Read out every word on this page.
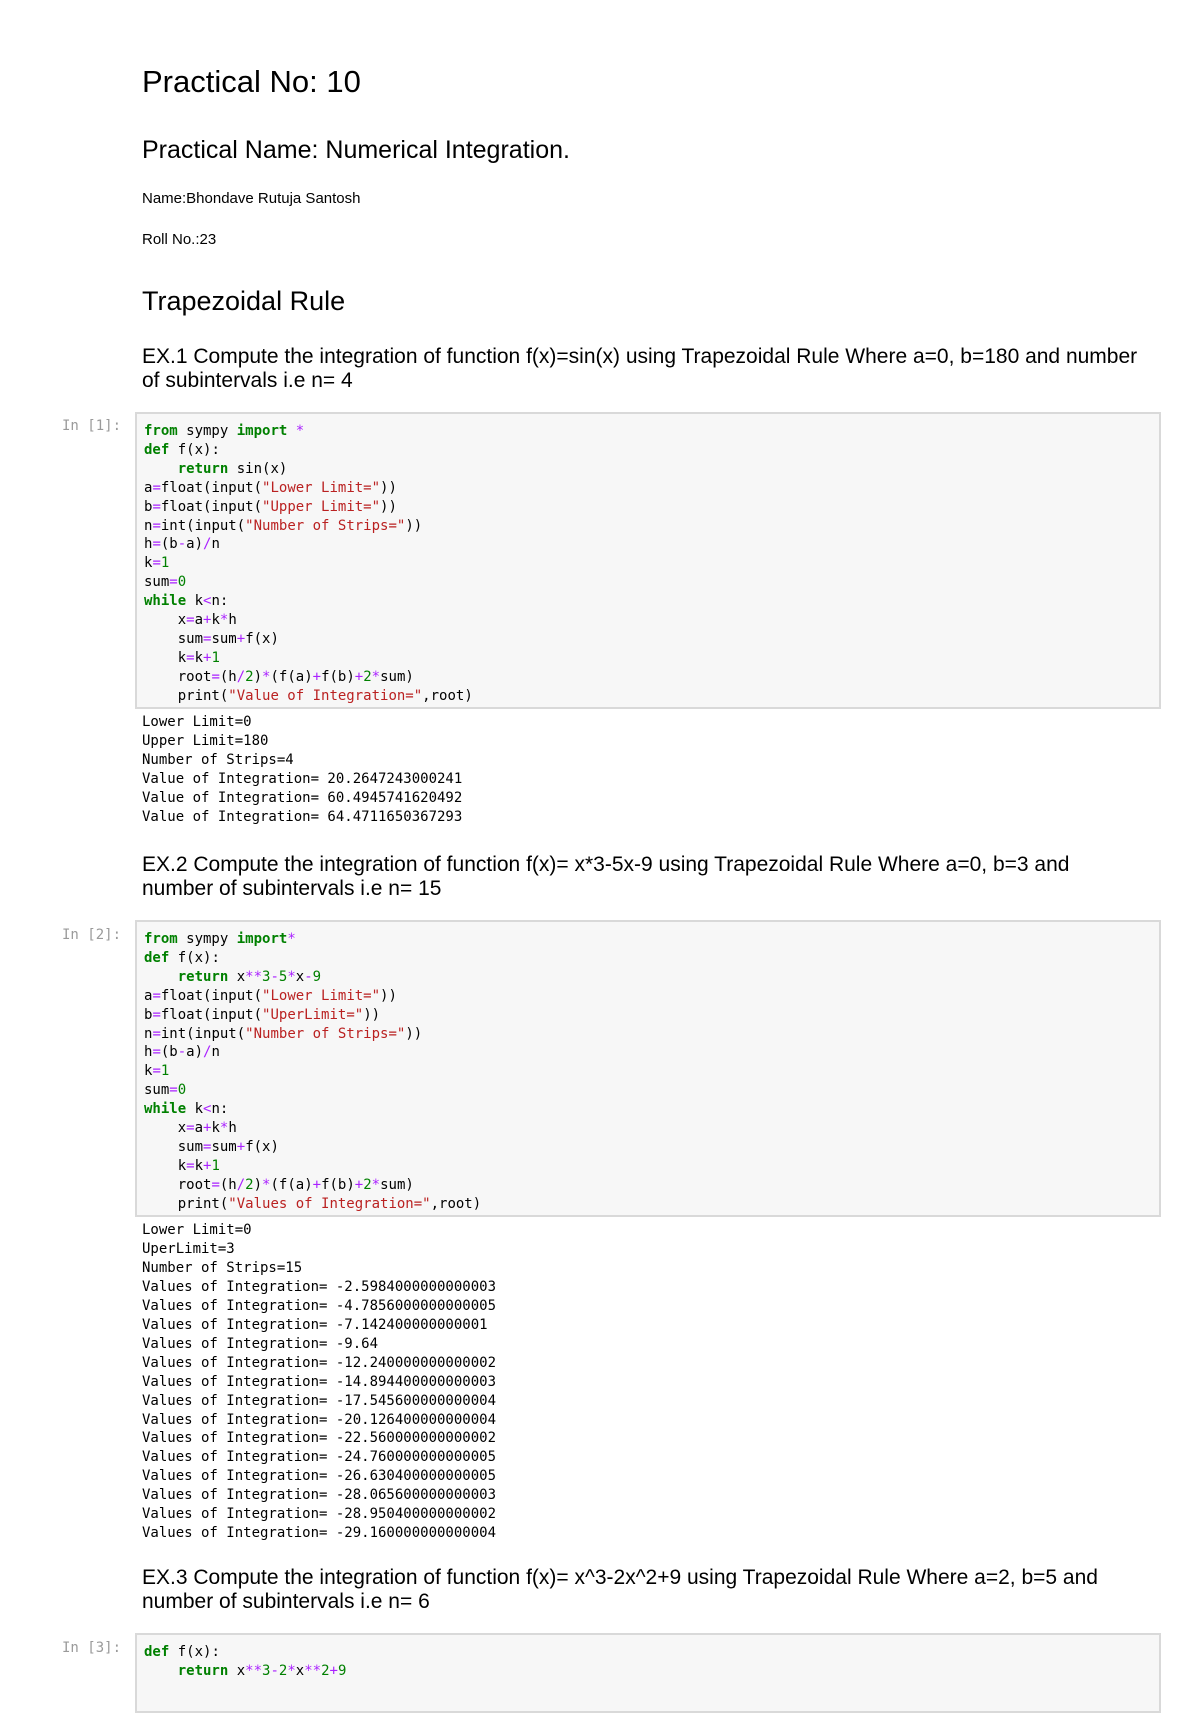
Practical No: 10
Practical Name: Numerical Integration.
Name:Bhondave Rutuja Santosh
Roll No.:23
Trapezoidal Rule
EX.1 Compute the integration of function f(x)=sin(x) using Trapezoidal Rule Where a=0, b=180 and number of subintervals i.e n= 4
In [1]:	from sympy import *
def f(x):
return sin(x)
a=float(input("Lower Limit="))
b=float(input("Upper Limit="))
n=int(input("Number of Strips="))
h=(b-a)/n
k=1
sum=0
while k<n:
x=a+k*h
sum=sum+f(x)
k=k+1
root=(h/2)*(f(a)+f(b)+2*sum)
print("Value of Integration=",root)
Lower Limit=0
Upper Limit=180
Number of Strips=4
Value of Integration= 20.2647243000241
Value of Integration= 60.4945741620492
Value of Integration= 64.4711650367293
EX.2 Compute the integration of function f(x)= x*3-5x-9 using Trapezoidal Rule Where a=0, b=3 and number of subintervals i.e n= 15
In [2]:	from sympy import*
def f(x):
return x**3-5*x-9
a=float(input("Lower Limit="))
b=float(input("UperLimit="))
n=int(input("Number of Strips="))
h=(b-a)/n
k=1
sum=0
while k<n:
x=a+k*h
sum=sum+f(x)
k=k+1
root=(h/2)*(f(a)+f(b)+2*sum)
print("Values of Integration=",root)
Lower Limit=0
UperLimit=3
Number of Strips=15
Values of Integration= -2.5984000000000003
Values of Integration= -4.7856000000000005
Values of Integration= -7.142400000000001
Values of Integration= -9.64
Values of Integration= -12.240000000000002
Values of Integration= -14.894400000000003
Values of Integration= -17.545600000000004
Values of Integration= -20.126400000000004
Values of Integration= -22.560000000000002
Values of Integration= -24.760000000000005
Values of Integration= -26.630400000000005
Values of Integration= -28.065600000000003
Values of Integration= -28.950400000000002
Values of Integration= -29.160000000000004
EX.3 Compute the integration of function f(x)= x^3-2x^2+9 using Trapezoidal Rule Where a=2, b=5 and number of subintervals i.e n= 6
In [3]:	def f(x):
return x**3-2*x**2+9
